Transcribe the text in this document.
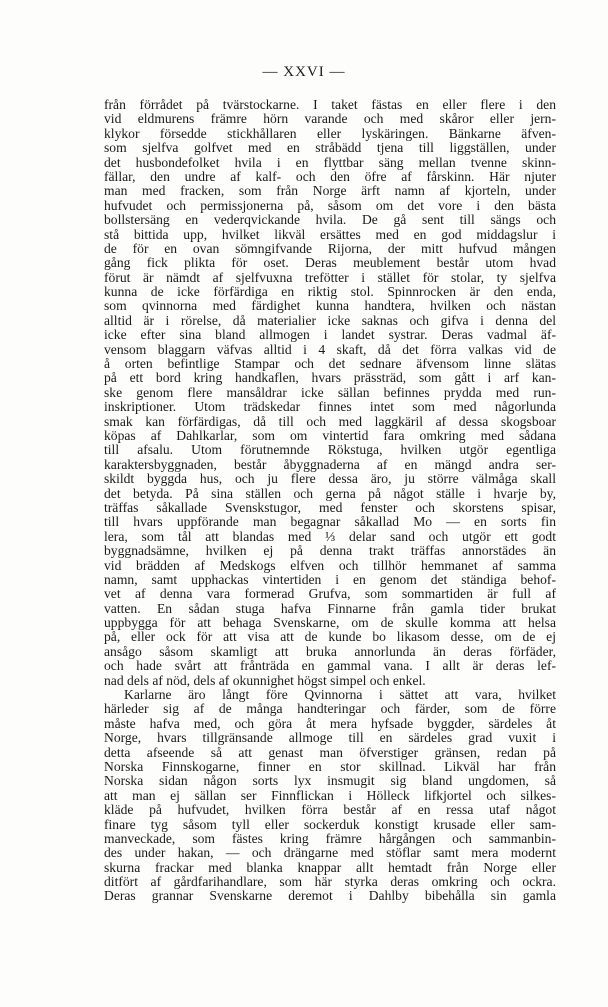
— XXVI —
från förrådet på tvärstockarne. I taket fästas en eller flere i den
vid eldmurens främre hörn varande och med skåror eller jern-
klykor försedde stickhållaren eller lyskäringen. Bänkarne äfven-
som sjelfva golfvet med en stråbädd tjena till liggställen, under
det husbondefolket hvila i en flyttbar säng mellan tvenne skinn-
fällar, den undre af kalf- och den öfre af fårskinn. Här njuter
man med fracken, som från Norge ärft namn af kjorteln, under
hufvudet och permissjonerna på, såsom om det vore i den bästa
bollstersäng en vederqvickande hvila. De gå sent till sängs och
stå bittida upp, hvilket likväl ersättes med en god middagslur i
de för en ovan sömngifvande Rijorna, der mitt hufvud mången
gång fick plikta för oset. Deras meublement består utom hvad
förut är nämdt af sjelfvuxna trefötter i stället för stolar, ty sjelfva
kunna de icke förfärdiga en riktig stol. Spinnrocken är den enda,
som qvinnorna med färdighet kunna handtera, hvilken och nästan
alltid är i rörelse, då materialier icke saknas och gifva i denna del
icke efter sina bland allmogen i landet systrar. Deras vadmal äf-
vensom blaggarn väfvas alltid i 4 skaft, då det förra valkas vid de
å orten befintlige Stampar och det sednare äfvensom linne slätas
på ett bord kring handkaflen, hvars prässträd, som gått i arf kan-
ske genom flere mansåldrar icke sällan befinnes prydda med run-
inskriptioner. Utom trädskedar finnes intet som med någorlunda
smak kan förfärdigas, då till och med laggkäril af dessa skogsboar
köpas af Dahlkarlar, som om vintertid fara omkring med sådana
till afsalu. Utom förutnemnde Rökstuga, hvilken utgör egentliga
karaktersbyggnaden, består åbyggnaderna af en mängd andra ser-
skildt byggda hus, och ju flere dessa äro, ju större välmåga skall
det betyda. På sina ställen och gerna på något ställe i hvarje by,
träffas såkallade Svenskstugor, med fenster och skorstens spisar,
till hvars uppförande man begagnar såkallad Mo — en sorts fin
lera, som tål att blandas med ⅓ delar sand och utgör ett godt
byggnadsämne, hvilken ej på denna trakt träffas annorstädes än
vid brädden af Medskogs elfven och tillhör hemmanet af samma
namn, samt upphackas vintertiden i en genom det ständiga behof-
vet af denna vara formerad Grufva, som sommartiden är full af
vatten. En sådan stuga hafva Finnarne från gamla tider brukat
uppbygga för att behaga Svenskarne, om de skulle komma att helsa
på, eller ock för att visa att de kunde bo likasom desse, om de ej
ansågo såsom skamligt att bruka annorlunda än deras förfäder,
och hade svårt att frånträda en gammal vana. I allt är deras lef-
nad dels af nöd, dels af okunnighet högst simpel och enkel.
Karlarne äro långt före Qvinnorna i sättet att vara, hvilket
härleder sig af de många handteringar och färder, som de förre
måste hafva med, och göra åt mera hyfsade byggder, särdeles åt
Norge, hvars tillgränsande allmoge till en särdeles grad vuxit i
detta afseende så att genast man öfverstiger gränsen, redan på
Norska Finnskogarne, finner en stor skillnad. Likväl har från
Norska sidan någon sorts lyx insmugit sig bland ungdomen, så
att man ej sällan ser Finnflickan i Hölleck lifkjortel och silkes-
kläde på hufvudet, hvilken förra består af en ressa utaf något
finare tyg såsom tyll eller sockerduk konstigt krusade eller sam-
manveckade, som fästes kring främre hårgången och sammanbin-
des under hakan, — och drängarne med stöflar samt mera modernt
skurna frackar med blanka knappar allt hemtadt från Norge eller
ditfört af gårdfarihandlare, som här styrka deras omkring och ockra.
Deras grannar Svenskarne deremot i Dahlby bibehålla sin gamla
